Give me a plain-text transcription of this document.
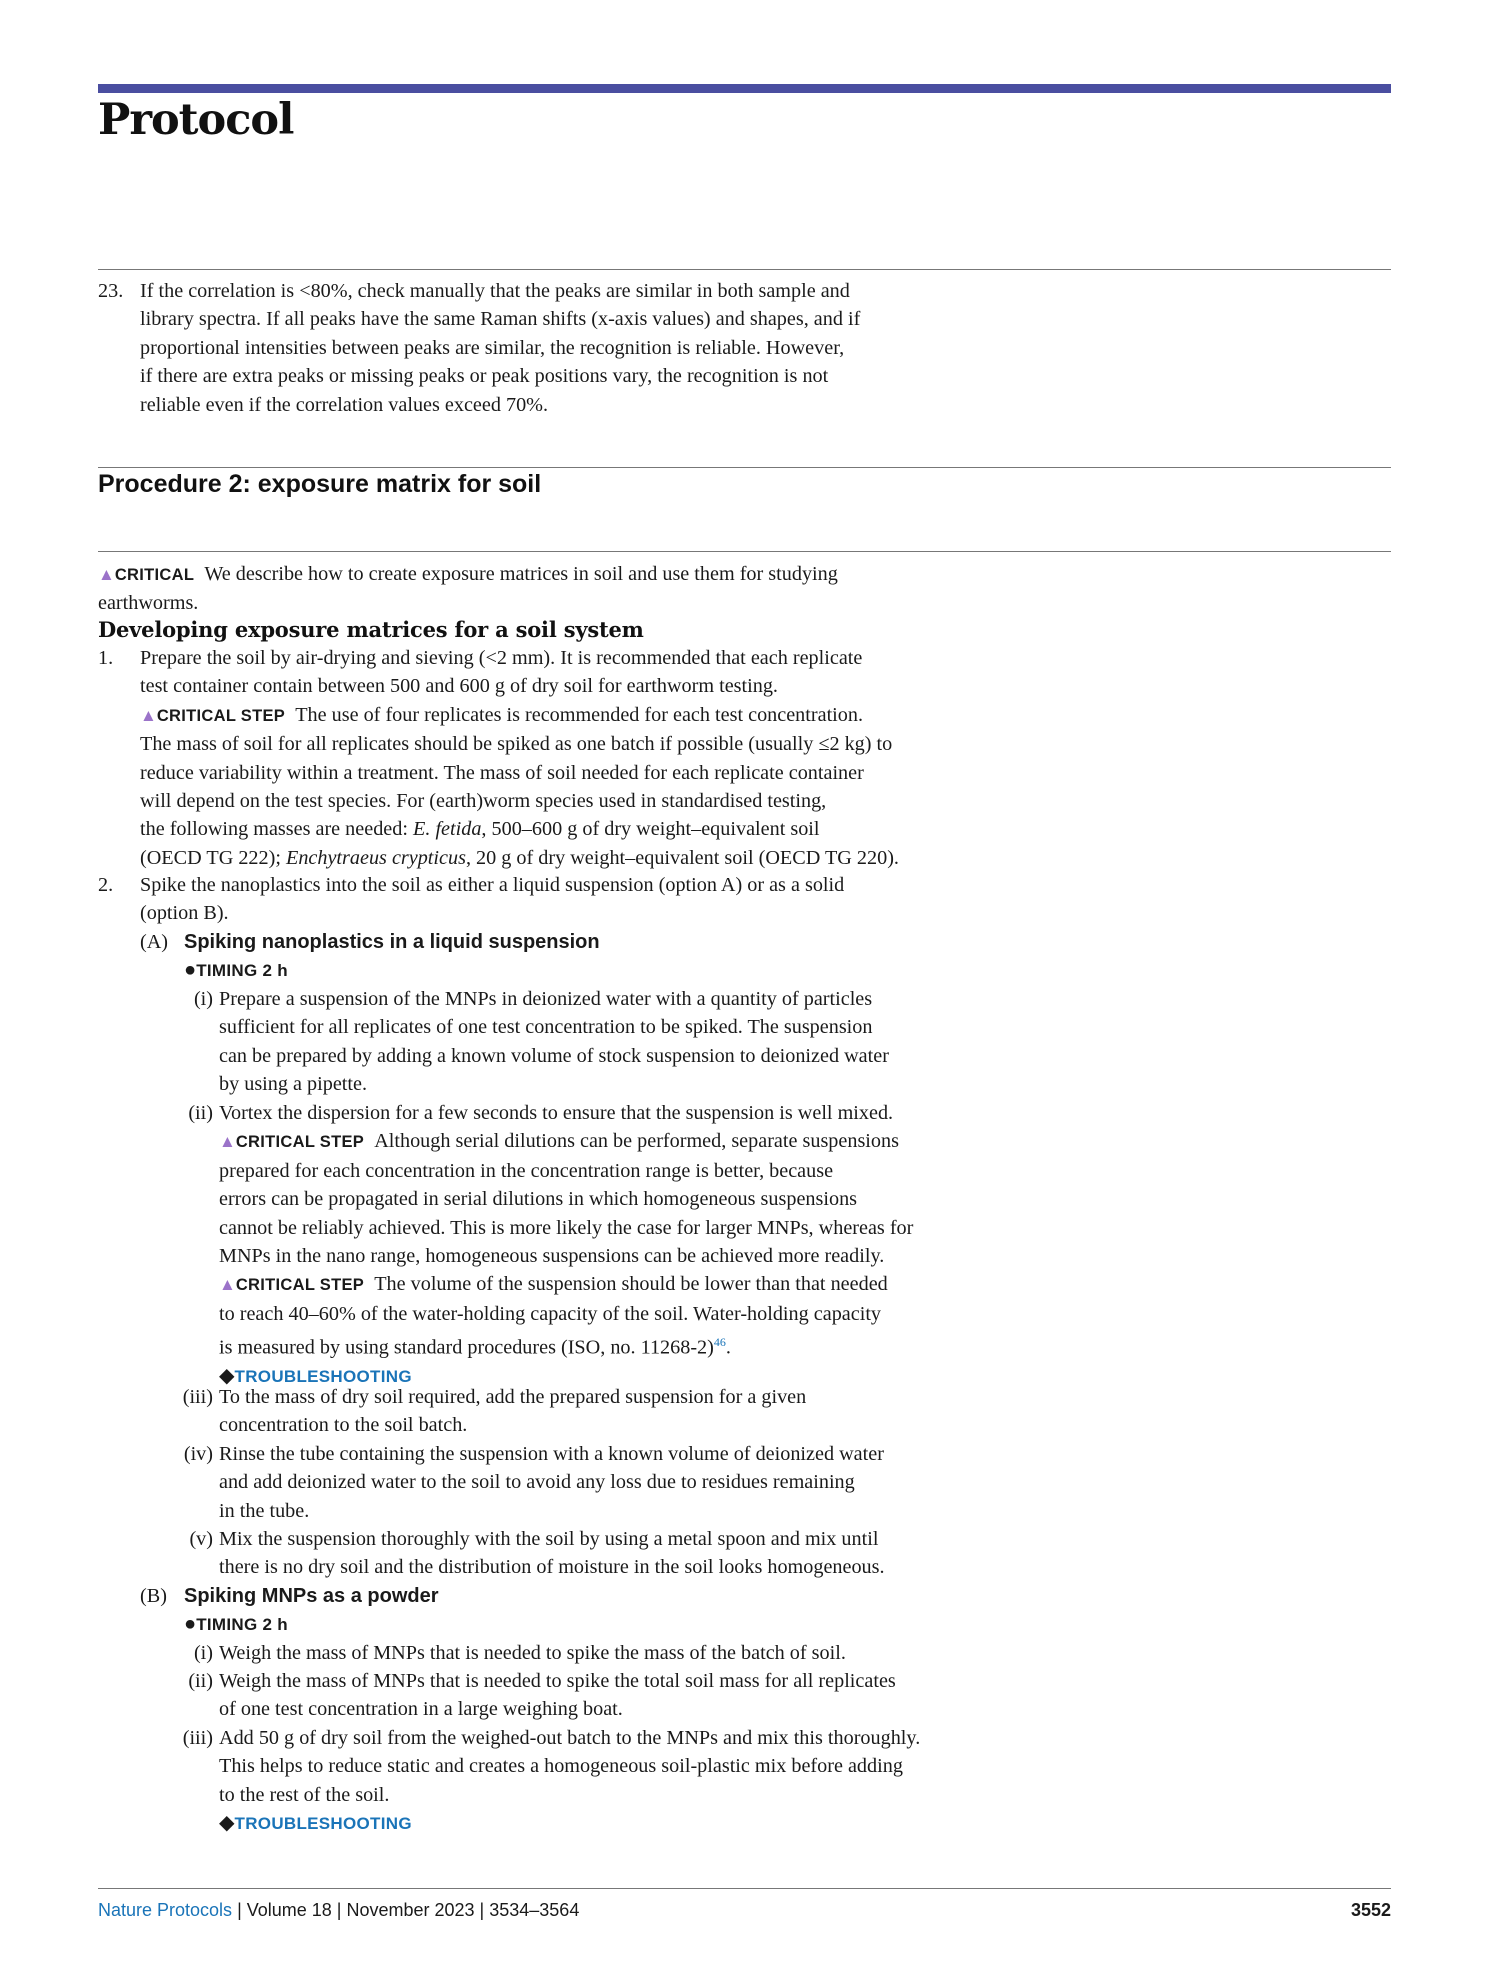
Protocol
23. If the correlation is <80%, check manually that the peaks are similar in both sample and
library spectra. If all peaks have the same Raman shifts (x-axis values) and shapes, and if
proportional intensities between peaks are similar, the recognition is reliable. However,
if there are extra peaks or missing peaks or peak positions vary, the recognition is not
reliable even if the correlation values exceed 70%.
Procedure 2: exposure matrix for soil
▲CRITICAL We describe how to create exposure matrices in soil and use them for studying
earthworms.
Developing exposure matrices for a soil system
1. Prepare the soil by air-drying and sieving (<2 mm). It is recommended that each replicate
test container contain between 500 and 600 g of dry soil for earthworm testing.
▲CRITICAL STEP The use of four replicates is recommended for each test concentration.
The mass of soil for all replicates should be spiked as one batch if possible (usually ≤2 kg) to
reduce variability within a treatment. The mass of soil needed for each replicate container
will depend on the test species. For (earth)worm species used in standardised testing,
the following masses are needed: E. fetida, 500–600 g of dry weight–equivalent soil
(OECD TG 222); Enchytraeus crypticus, 20 g of dry weight–equivalent soil (OECD TG 220).
2. Spike the nanoplastics into the soil as either a liquid suspension (option A) or as a solid
(option B).
(A) Spiking nanoplastics in a liquid suspension
●TIMING 2 h
(i) Prepare a suspension of the MNPs in deionized water with a quantity of particles
sufficient for all replicates of one test concentration to be spiked. The suspension
can be prepared by adding a known volume of stock suspension to deionized water
by using a pipette.
(ii) Vortex the dispersion for a few seconds to ensure that the suspension is well mixed.
▲CRITICAL STEP Although serial dilutions can be performed, separate suspensions
prepared for each concentration in the concentration range is better, because
errors can be propagated in serial dilutions in which homogeneous suspensions
cannot be reliably achieved. This is more likely the case for larger MNPs, whereas for
MNPs in the nano range, homogeneous suspensions can be achieved more readily.
▲CRITICAL STEP The volume of the suspension should be lower than that needed
to reach 40–60% of the water-holding capacity of the soil. Water-holding capacity
is measured by using standard procedures (ISO, no. 11268-2)$^{46}$.
◆TROUBLESHOOTING
(iii) To the mass of dry soil required, add the prepared suspension for a given
concentration to the soil batch.
(iv) Rinse the tube containing the suspension with a known volume of deionized water
and add deionized water to the soil to avoid any loss due to residues remaining
in the tube.
(v) Mix the suspension thoroughly with the soil by using a metal spoon and mix until
there is no dry soil and the distribution of moisture in the soil looks homogeneous.
(B) Spiking MNPs as a powder
●TIMING 2 h
(i) Weigh the mass of MNPs that is needed to spike the mass of the batch of soil.
(ii) Weigh the mass of MNPs that is needed to spike the total soil mass for all replicates
of one test concentration in a large weighing boat.
(iii) Add 50 g of dry soil from the weighed-out batch to the MNPs and mix this thoroughly.
This helps to reduce static and creates a homogeneous soil-plastic mix before adding
to the rest of the soil.
◆TROUBLESHOOTING
Nature Protocols | Volume 18 | November 2023 | 3534–3564	3552
